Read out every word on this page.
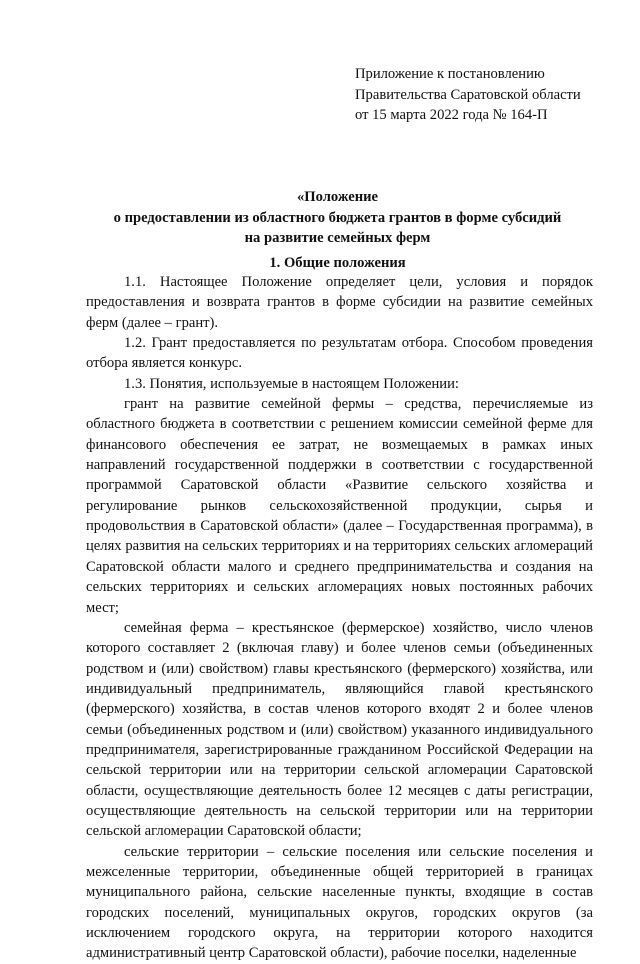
Приложение к постановлению
Правительства Саратовской области
от 15 марта 2022 года № 164-П
«Положение
о предоставлении из областного бюджета грантов в форме субсидий
на развитие семейных ферм
1. Общие положения

1.1. Настоящее Положение определяет цели, условия и порядок предоставления и возврата грантов в форме субсидии на развитие семейных ферм (далее – грант).

1.2. Грант предоставляется по результатам отбора. Способом проведения отбора является конкурс.

1.3. Понятия, используемые в настоящем Положении:

грант на развитие семейной фермы – средства, перечисляемые из областного бюджета в соответствии с решением комиссии семейной ферме для финансового обеспечения ее затрат, не возмещаемых в рамках иных направлений государственной поддержки в соответствии с государственной программой Саратовской области «Развитие сельского хозяйства и регулирование рынков сельскохозяйственной продукции, сырья и продовольствия в Саратовской области» (далее – Государственная программа), в целях развития на сельских территориях и на территориях сельских агломераций Саратовской области малого и среднего предпринимательства и создания на сельских территориях и сельских агломерациях новых постоянных рабочих мест;

семейная ферма – крестьянское (фермерское) хозяйство, число членов которого составляет 2 (включая главу) и более членов семьи (объединенных родством и (или) свойством) главы крестьянского (фермерского) хозяйства, или индивидуальный предприниматель, являющийся главой крестьянского (фермерского) хозяйства, в состав членов которого входят 2 и более членов семьи (объединенных родством и (или) свойством) указанного индивидуального предпринимателя, зарегистрированные гражданином Российской Федерации на сельской территории или на территории сельской агломерации Саратовской области, осуществляющие деятельность более 12 месяцев с даты регистрации, осуществляющие деятельность на сельской территории или на территории сельской агломерации Саратовской области;

сельские территории – сельские поселения или сельские поселения и межселенные территории, объединенные общей территорией в границах муниципального района, сельские населенные пункты, входящие в состав городских поселений, муниципальных округов, городских округов (за исключением городского округа, на территории которого находится административный центр Саратовской области), рабочие поселки, наделенные
